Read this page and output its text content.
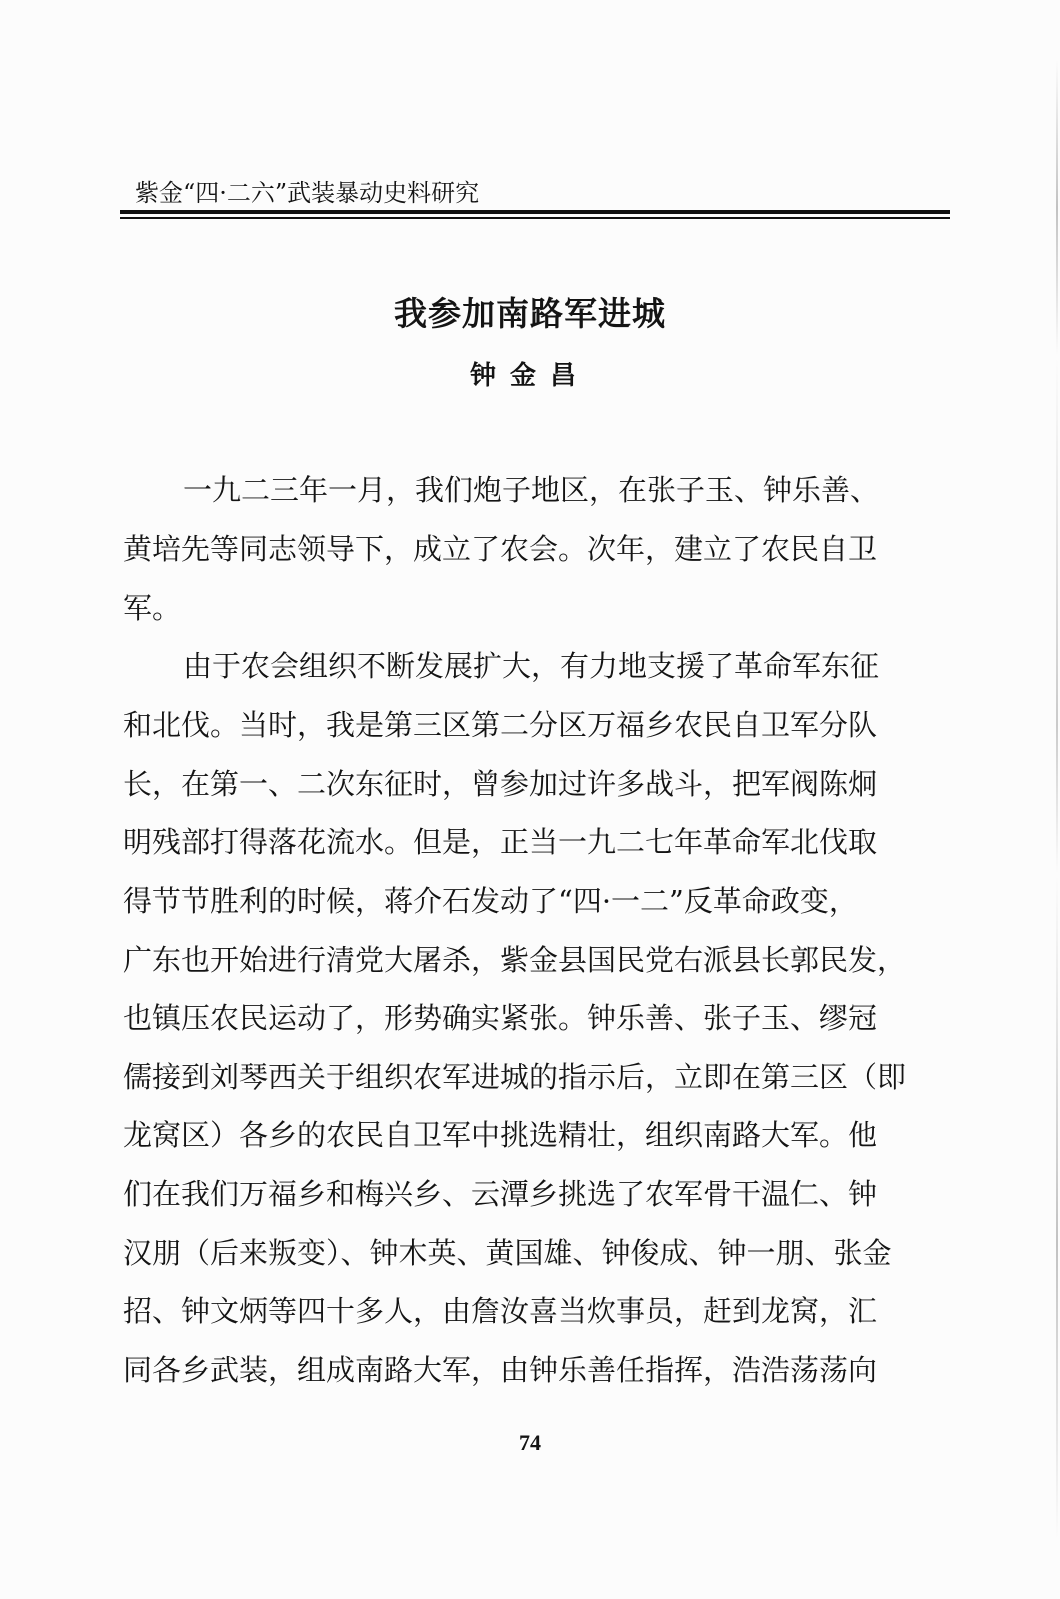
紫金“四·二六”武装暴动史料研究
我参加南路军进城
钟金昌
一九二三年一月，我们炮子地区，在张子玉、钟乐善、
黄培先等同志领导下，成立了农会。次年，建立了农民自卫
军。
由于农会组织不断发展扩大，有力地支援了革命军东征
和北伐。当时，我是第三区第二分区万福乡农民自卫军分队
长，在第一、二次东征时，曾参加过许多战斗，把军阀陈炯
明残部打得落花流水。但是，正当一九二七年革命军北伐取
得节节胜利的时候，蒋介石发动了“四·一二”反革命政变，
广东也开始进行清党大屠杀，紫金县国民党右派县长郭民发，
也镇压农民运动了，形势确实紧张。钟乐善、张子玉、缪冠
儒接到刘琴西关于组织农军进城的指示后，立即在第三区（即
龙窝区）各乡的农民自卫军中挑选精壮，组织南路大军。他
们在我们万福乡和梅兴乡、云潭乡挑选了农军骨干温仁、钟
汉朋（后来叛变）、钟木英、黄国雄、钟俊成、钟一朋、张金
招、钟文炳等四十多人，由詹汝喜当炊事员，赶到龙窝，汇
同各乡武装，组成南路大军，由钟乐善任指挥，浩浩荡荡向
74
